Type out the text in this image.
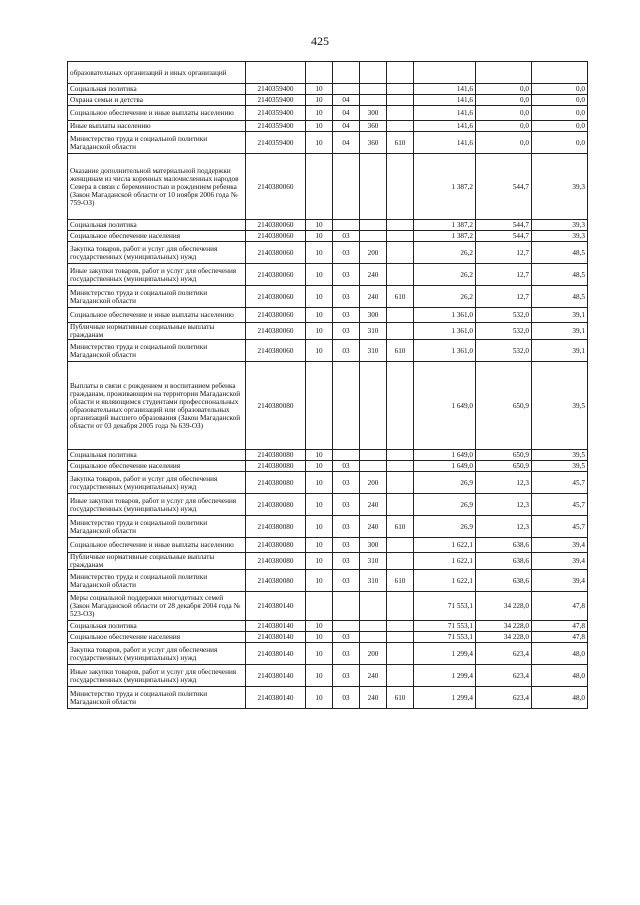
425
образовательных организаций и иных организаций								
Социальная политика	2140359400	10				141,6	0,0	0,0
Охрана семьи и детства	2140359400	10	04			141,6	0,0	0,0
Социальное обеспечение и иные выплаты населению	2140359400	10	04	300		141,6	0,0	0,0
Иные выплаты населению	2140359400	10	04	360		141,6	0,0	0,0
Министерство труда и социальной политики Магаданской области	2140359400	10	04	360	610	141,6	0,0	0,0
Оказание дополнительной материальной поддержки женщинам из числа коренных малочисленных народов Севера в связи с беременностью и рождением ребенка (Закон Магаданской области от 10 ноября 2006 года № 759-ОЗ)	2140380060					1 387,2	544,7	39,3
Социальная политика	2140380060	10				1 387,2	544,7	39,3
Социальное обеспечение населения	2140380060	10	03			1 387,2	544,7	39,3
Закупка товаров, работ и услуг для обеспечения государственных (муниципальных) нужд	2140380060	10	03	200		26,2	12,7	48,5
Иные закупки товаров, работ и услуг для обеспечения государственных (муниципальных) нужд	2140380060	10	03	240		26,2	12,7	48,5
Министерство труда и социальной политики Магаданской области	2140380060	10	03	240	610	26,2	12,7	48,5
Социальное обеспечение и иные выплаты населению	2140380060	10	03	300		1 361,0	532,0	39,1
Публичные нормативные социальные выплаты гражданам	2140380060	10	03	310		1 361,0	532,0	39,1
Министерство труда и социальной политики Магаданской области	2140380060	10	03	310	610	1 361,0	532,0	39,1
Выплаты в связи с рождением и воспитанием ребенка гражданам, проживающим на территории Магаданской области и являющимся студентами профессиональных образовательных организаций или образовательных организаций высшего образования (Закон Магаданской области от 03 декабря 2005 года № 639-ОЗ)	2140380080					1 649,0	650,9	39,5
Социальная политика	2140380080	10				1 649,0	650,9	39,5
Социальное обеспечение населения	2140380080	10	03			1 649,0	650,9	39,5
Закупка товаров, работ и услуг для обеспечения государственных (муниципальных) нужд	2140380080	10	03	200		26,9	12,3	45,7
Иные закупки товаров, работ и услуг для обеспечения государственных (муниципальных) нужд	2140380080	10	03	240		26,9	12,3	45,7
Министерство труда и социальной политики Магаданской области	2140380080	10	03	240	610	26,9	12,3	45,7
Социальное обеспечение и иные выплаты населению	2140380080	10	03	300		1 622,1	638,6	39,4
Публичные нормативные социальные выплаты гражданам	2140380080	10	03	310		1 622,1	638,6	39,4
Министерство труда и социальной политики Магаданской области	2140380080	10	03	310	610	1 622,1	638,6	39,4
Меры социальной поддержки многодетных семей (Закон Магаданской области от 28 декабря 2004 года № 523-ОЗ)	2140380140					71 553,1	34 228,0	47,8
Социальная политика	2140380140	10				71 553,1	34 228,0	47,8
Социальное обеспечение населения	2140380140	10	03			71 553,1	34 228,0	47,8
Закупка товаров, работ и услуг для обеспечения государственных (муниципальных) нужд	2140380140	10	03	200		1 299,4	623,4	48,0
Иные закупки товаров, работ и услуг для обеспечения государственных (муниципальных) нужд	2140380140	10	03	240		1 299,4	623,4	48,0
Министерство труда и социальной политики Магаданской области	2140380140	10	03	240	610	1 299,4	623,4	48,0
